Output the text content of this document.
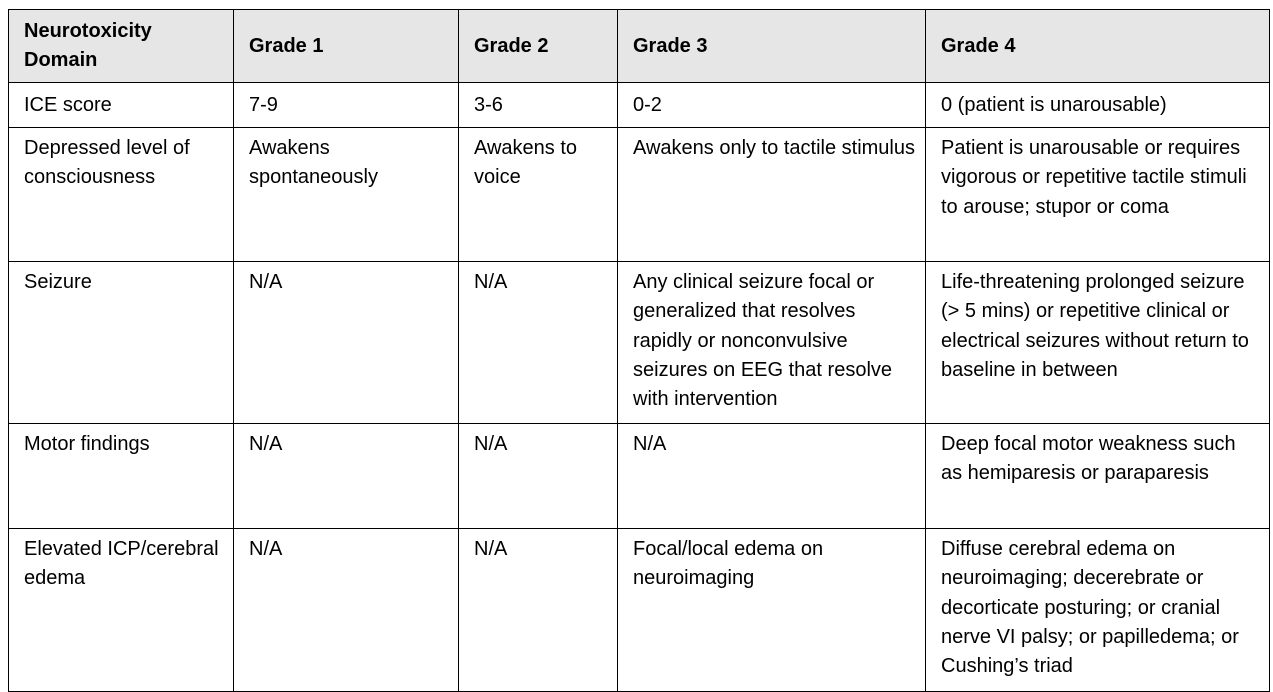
Neurotoxicity Domain	Grade 1	Grade 2	Grade 3	Grade 4
ICE score	7-9	3-6	0-2	0 (patient is unarousable)
Depressed level of consciousness	Awakens spontaneously	Awakens to voice	Awakens only to tactile stimulus	Patient is unarousable or requires vigorous or repetitive tactile stimuli to arouse; stupor or coma
Seizure	N/A	N/A	Any clinical seizure focal or generalized that resolves rapidly or nonconvulsive seizures on EEG that resolve with intervention	Life-threatening prolonged seizure (> 5 mins) or repetitive clinical or electrical seizures without return to baseline in between
Motor findings	N/A	N/A	N/A	Deep focal motor weakness such as hemiparesis or paraparesis
Elevated ICP/cerebral edema	N/A	N/A	Focal/local edema on neuroimaging	Diffuse cerebral edema on neuroimaging; decerebrate or decorticate posturing; or cranial nerve VI palsy; or papilledema; or Cushing’s triad
